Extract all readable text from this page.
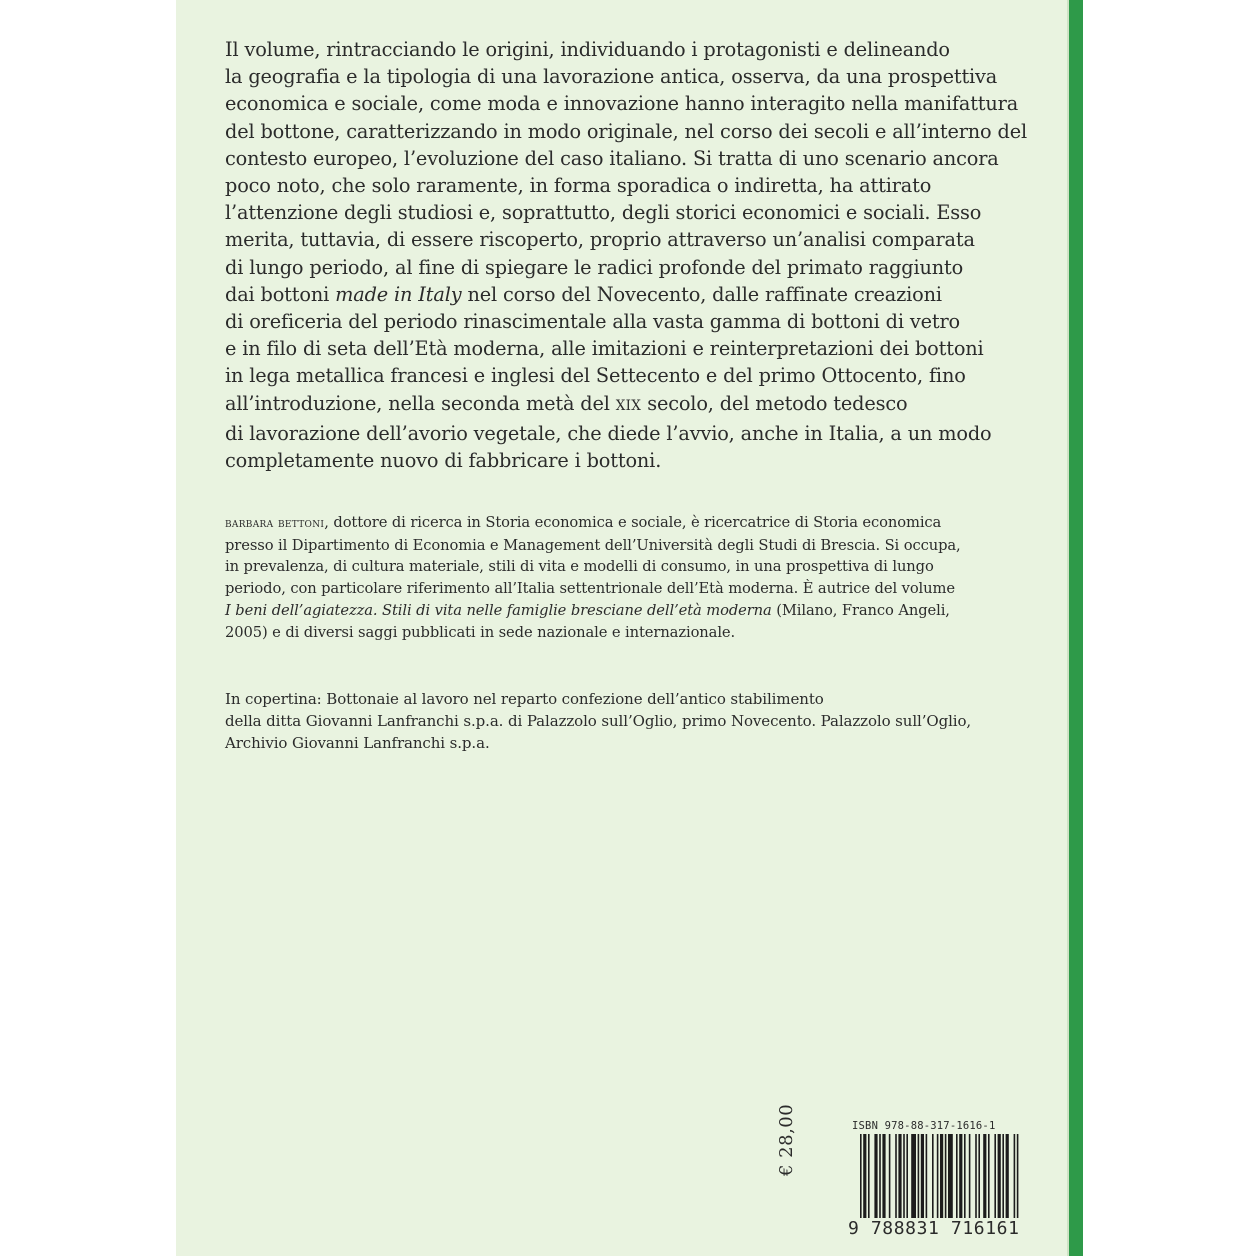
Il volume, rintracciando le origini, individuando i protagonisti e delineando
la geografia e la tipologia di una lavorazione antica, osserva, da una prospettiva
economica e sociale, come moda e innovazione hanno interagito nella manifattura
del bottone, caratterizzando in modo originale, nel corso dei secoli e all’interno del
contesto europeo, l’evoluzione del caso italiano. Si tratta di uno scenario ancora
poco noto, che solo raramente, in forma sporadica o indiretta, ha attirato
l’attenzione degli studiosi e, soprattutto, degli storici economici e sociali. Esso
merita, tuttavia, di essere riscoperto, proprio attraverso un’analisi comparata
di lungo periodo, al fine di spiegare le radici profonde del primato raggiunto
dai bottoni made in Italy nel corso del Novecento, dalle raffinate creazioni
di oreficeria del periodo rinascimentale alla vasta gamma di bottoni di vetro
e in filo di seta dell’Età moderna, alle imitazioni e reinterpretazioni dei bottoni
in lega metallica francesi e inglesi del Settecento e del primo Ottocento, fino
all’introduzione, nella seconda metà del XIX secolo, del metodo tedesco
di lavorazione dell’avorio vegetale, che diede l’avvio, anche in Italia, a un modo
completamente nuovo di fabbricare i bottoni.
barbara bettoni, dottore di ricerca in Storia economica e sociale, è ricercatrice di Storia economica
presso il Dipartimento di Economia e Management dell’Università degli Studi di Brescia. Si occupa,
in prevalenza, di cultura materiale, stili di vita e modelli di consumo, in una prospettiva di lungo
periodo, con particolare riferimento all’Italia settentrionale dell’Età moderna. È autrice del volume
I beni dell’agiatezza. Stili di vita nelle famiglie bresciane dell’età moderna (Milano, Franco Angeli,
2005) e di diversi saggi pubblicati in sede nazionale e internazionale.
In copertina: Bottonaie al lavoro nel reparto confezione dell’antico stabilimento
della ditta Giovanni Lanfranchi s.p.a. di Palazzolo sull’Oglio, primo Novecento. Palazzolo sull’Oglio,
Archivio Giovanni Lanfranchi s.p.a.
€ 28,00	ISBN 978-88-317-1616-1
9 788831 716161
